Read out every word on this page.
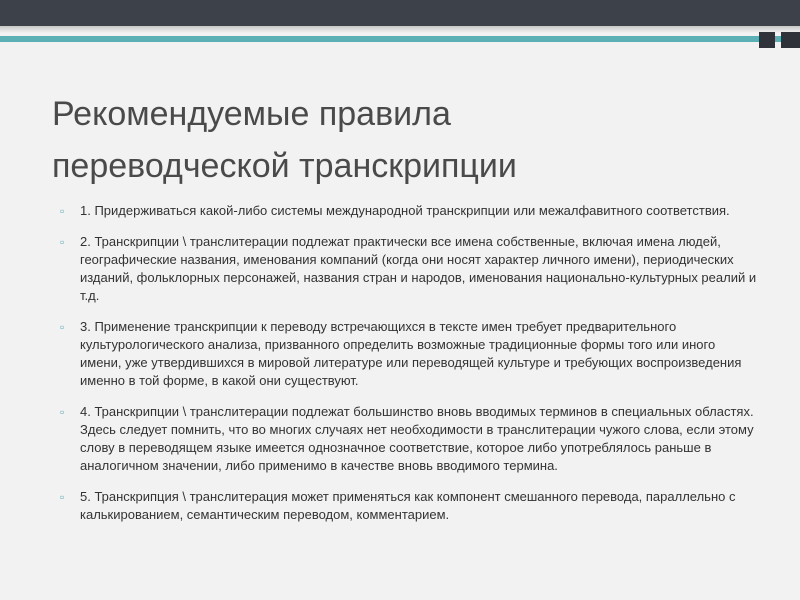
Рекомендуемые правила
переводческой транскрипции
▫ 1. Придерживаться какой-либо системы международной транскрипции или межалфавитного соответствия.
▫ 2. Транскрипции \ транслитерации подлежат практически все имена собственные, включая имена людей, географические названия, именования компаний (когда они носят характер личного имени), периодических изданий, фольклорных персонажей, названия стран и народов, именования национально-культурных реалий и т.д.
▫ 3. Применение транскрипции к переводу встречающихся в тексте имен требует предварительного культурологического анализа, призванного определить возможные традиционные формы того или иного имени, уже утвердившихся в мировой литературе или переводящей культуре и требующих воспроизведения именно в той форме, в какой они существуют.
▫ 4. Транскрипции \ транслитерации подлежат большинство вновь вводимых терминов в специальных областях. Здесь следует помнить, что во многих случаях нет необходимости в транслитерации чужого слова, если этому слову в переводящем языке имеется однозначное соответствие, которое либо употреблялось раньше в аналогичном значении, либо применимо в качестве вновь вводимого термина.
▫ 5. Транскрипция \ транслитерация может применяться как компонент смешанного перевода, параллельно с калькированием, семантическим переводом, комментарием.
